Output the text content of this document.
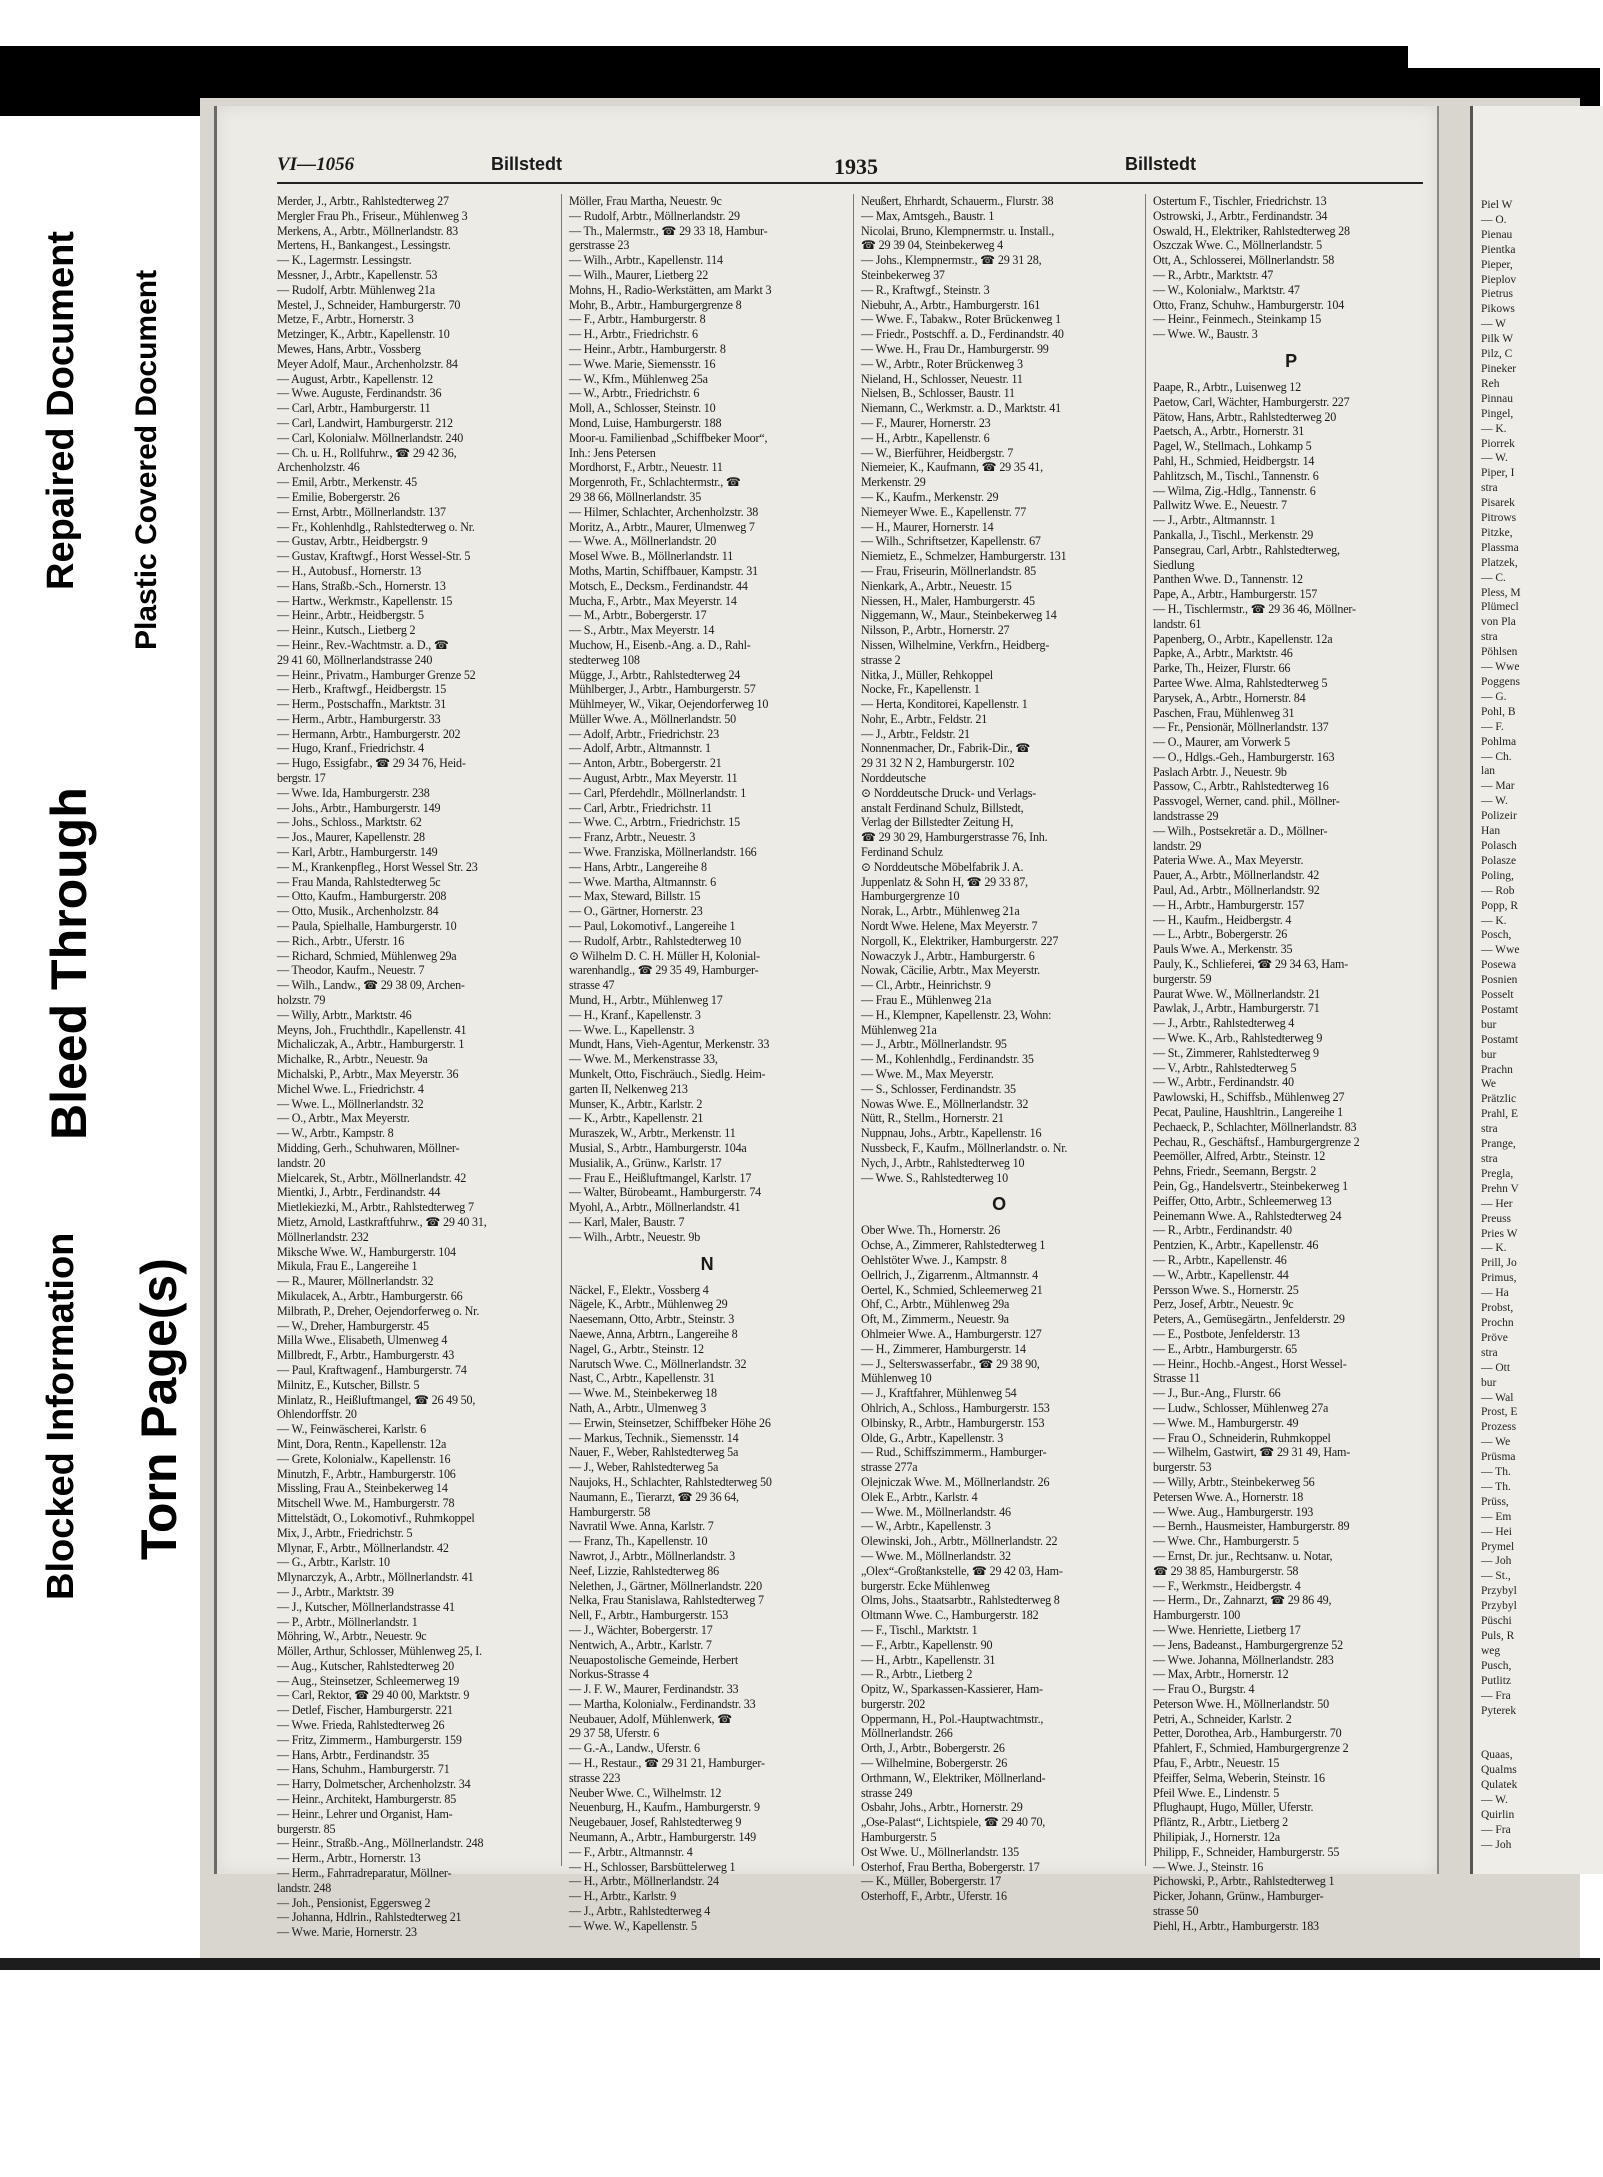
Repaired Document
Bleed Through
Blocked Information
Plastic Covered Document
Torn Page(s)
VI—1056	Billstedt	1935	Billstedt
Merder, J., Arbtr., Rahlstedterweg 27
Mergler Frau Ph., Friseur., Mühlenweg 3
Merkens, A., Arbtr., Möllnerlandstr. 83
Mertens, H., Bankangest., Lessingstr.
— K., Lagermstr. Lessingstr.
Messner, J., Arbtr., Kapellenstr. 53
— Rudolf, Arbtr. Mühlenweg 21a
Mestel, J., Schneider, Hamburgerstr. 70
Metze, F., Arbtr., Hornerstr. 3
Metzinger, K., Arbtr., Kapellenstr. 10
Mewes, Hans, Arbtr., Vossberg
Meyer Adolf, Maur., Archenholzstr. 84
— August, Arbtr., Kapellenstr. 12
— Wwe. Auguste, Ferdinandstr. 36
— Carl, Arbtr., Hamburgerstr. 11
— Carl, Landwirt, Hamburgerstr. 212
— Carl, Kolonialw. Möllnerlandstr. 240
— Ch. u. H., Rollfuhrw., ☎ 29 42 36,
Archenholzstr. 46
— Emil, Arbtr., Merkenstr. 45
— Emilie, Bobergerstr. 26
— Ernst, Arbtr., Möllnerlandstr. 137
— Fr., Kohlenhdlg., Rahlstedterweg o. Nr.
— Gustav, Arbtr., Heidbergstr. 9
— Gustav, Kraftwgf., Horst Wessel-Str. 5
— H., Autobusf., Hornerstr. 13
— Hans, Straßb.-Sch., Hornerstr. 13
— Hartw., Werkmstr., Kapellenstr. 15
— Heinr., Arbtr., Heidbergstr. 5
— Heinr., Kutsch., Lietberg 2
— Heinr., Rev.-Wachtmstr. a. D., ☎
29 41 60, Möllnerlandstrasse 240
— Heinr., Privatm., Hamburger Grenze 52
— Herb., Kraftwgf., Heidbergstr. 15
— Herm., Postschaffn., Marktstr. 31
— Herm., Arbtr., Hamburgerstr. 33
— Hermann, Arbtr., Hamburgerstr. 202
— Hugo, Kranf., Friedrichstr. 4
— Hugo, Essigfabr., ☎ 29 34 76, Heid-
bergstr. 17
— Wwe. Ida, Hamburgerstr. 238
— Johs., Arbtr., Hamburgerstr. 149
— Johs., Schloss., Marktstr. 62
— Jos., Maurer, Kapellenstr. 28
— Karl, Arbtr., Hamburgerstr. 149
— M., Krankenpfleg., Horst Wessel Str. 23
— Frau Manda, Rahlstedterweg 5c
— Otto, Kaufm., Hamburgerstr. 208
— Otto, Musik., Archenholzstr. 84
— Paula, Spielhalle, Hamburgerstr. 10
— Rich., Arbtr., Uferstr. 16
— Richard, Schmied, Mühlenweg 29a
— Theodor, Kaufm., Neuestr. 7
— Wilh., Landw., ☎ 29 38 09, Archen-
holzstr. 79
— Willy, Arbtr., Marktstr. 46
Meyns, Joh., Fruchthdlr., Kapellenstr. 41
Michaliczak, A., Arbtr., Hamburgerstr. 1
Michalke, R., Arbtr., Neuestr. 9a
Michalski, P., Arbtr., Max Meyerstr. 36
Michel Wwe. L., Friedrichstr. 4
— Wwe. L., Möllnerlandstr. 32
— O., Arbtr., Max Meyerstr.
— W., Arbtr., Kampstr. 8
Midding, Gerh., Schuhwaren, Möllner-
landstr. 20
Mielcarek, St., Arbtr., Möllnerlandstr. 42
Mientki, J., Arbtr., Ferdinandstr. 44
Mietlekiezki, M., Arbtr., Rahlstedterweg 7
Mietz, Arnold, Lastkraftfuhrw., ☎ 29 40 31,
Möllnerlandstr. 232
Miksche Wwe. W., Hamburgerstr. 104
Mikula, Frau E., Langereihe 1
— R., Maurer, Möllnerlandstr. 32
Mikulacek, A., Arbtr., Hamburgerstr. 66
Milbrath, P., Dreher, Oejendorferweg o. Nr.
— W., Dreher, Hamburgerstr. 45
Milla Wwe., Elisabeth, Ulmenweg 4
Millbredt, F., Arbtr., Hamburgerstr. 43
— Paul, Kraftwagenf., Hamburgerstr. 74
Milnitz, E., Kutscher, Billstr. 5
Minlatz, R., Heißluftmangel, ☎ 26 49 50,
Ohlendorffstr. 20
— W., Feinwäscherei, Karlstr. 6
Mint, Dora, Rentn., Kapellenstr. 12a
— Grete, Kolonialw., Kapellenstr. 16
Minutzh, F., Arbtr., Hamburgerstr. 106
Missling, Frau A., Steinbekerweg 14
Mitschell Wwe. M., Hamburgerstr. 78
Mittelstädt, O., Lokomotivf., Ruhmkoppel
Mix, J., Arbtr., Friedrichstr. 5
Mlynar, F., Arbtr., Möllnerlandstr. 42
— G., Arbtr., Karlstr. 10
Mlynarczyk, A., Arbtr., Möllnerlandstr. 41
— J., Arbtr., Marktstr. 39
— J., Kutscher, Möllnerlandstrasse 41
— P., Arbtr., Möllnerlandstr. 1
Möhring, W., Arbtr., Neuestr. 9c
Möller, Arthur, Schlosser, Mühlenweg 25, I.
— Aug., Kutscher, Rahlstedterweg 20
— Aug., Steinsetzer, Schleemerweg 19
— Carl, Rektor, ☎ 29 40 00, Marktstr. 9
— Detlef, Fischer, Hamburgerstr. 221
— Wwe. Frieda, Rahlstedterweg 26
— Fritz, Zimmerm., Hamburgerstr. 159
— Hans, Arbtr., Ferdinandstr. 35
— Hans, Schuhm., Hamburgerstr. 71
— Harry, Dolmetscher, Archenholzstr. 34
— Heinr., Architekt, Hamburgerstr. 85
— Heinr., Lehrer und Organist, Ham-
burgerstr. 85
— Heinr., Straßb.-Ang., Möllnerlandstr. 248
— Herm., Arbtr., Hornerstr. 13
— Herm., Fahrradreparatur, Möllner-
landstr. 248
— Joh., Pensionist, Eggersweg 2
— Johanna, Hdlrin., Rahlstedterweg 21
— Wwe. Marie, Hornerstr. 23
Möller, Frau Martha, Neuestr. 9c
— Rudolf, Arbtr., Möllnerlandstr. 29
— Th., Malermstr., ☎ 29 33 18, Hambur-
gerstrasse 23
— Wilh., Arbtr., Kapellenstr. 114
— Wilh., Maurer, Lietberg 22
Mohns, H., Radio-Werkstätten, am Markt 3
Mohr, B., Arbtr., Hamburgergrenze 8
— F., Arbtr., Hamburgerstr. 8
— H., Arbtr., Friedrichstr. 6
— Heinr., Arbtr., Hamburgerstr. 8
— Wwe. Marie, Siemensstr. 16
— W., Kfm., Mühlenweg 25a
— W., Arbtr., Friedrichstr. 6
Moll, A., Schlosser, Steinstr. 10
Mond, Luise, Hamburgerstr. 188
Moor-u. Familienbad „Schiffbeker Moor“,
Inh.: Jens Petersen
Mordhorst, F., Arbtr., Neuestr. 11
Morgenroth, Fr., Schlachtermstr., ☎
29 38 66, Möllnerlandstr. 35
— Hilmer, Schlachter, Archenholzstr. 38
Moritz, A., Arbtr., Maurer, Ulmenweg 7
— Wwe. A., Möllnerlandstr. 20
Mosel Wwe. B., Möllnerlandstr. 11
Moths, Martin, Schiffbauer, Kampstr. 31
Motsch, E., Decksm., Ferdinandstr. 44
Mucha, F., Arbtr., Max Meyerstr. 14
— M., Arbtr., Bobergerstr. 17
— S., Arbtr., Max Meyerstr. 14
Muchow, H., Eisenb.-Ang. a. D., Rahl-
stedterweg 108
Mügge, J., Arbtr., Rahlstedterweg 24
Mühlberger, J., Arbtr., Hamburgerstr. 57
Mühlmeyer, W., Vikar, Oejendorferweg 10
Müller Wwe. A., Möllnerlandstr. 50
— Adolf, Arbtr., Friedrichstr. 23
— Adolf, Arbtr., Altmannstr. 1
— Anton, Arbtr., Bobergerstr. 21
— August, Arbtr., Max Meyerstr. 11
— Carl, Pferdehdlr., Möllnerlandstr. 1
— Carl, Arbtr., Friedrichstr. 11
— Wwe. C., Arbtrn., Friedrichstr. 15
— Franz, Arbtr., Neuestr. 3
— Wwe. Franziska, Möllnerlandstr. 166
— Hans, Arbtr., Langereihe 8
— Wwe. Martha, Altmannstr. 6
— Max, Steward, Billstr. 15
— O., Gärtner, Hornerstr. 23
— Paul, Lokomotivf., Langereihe 1
— Rudolf, Arbtr., Rahlstedterweg 10
⊙ Wilhelm D. C. H. Müller H, Kolonial-
warenhandlg., ☎ 29 35 49, Hamburger-
strasse 47
Mund, H., Arbtr., Mühlenweg 17
— H., Kranf., Kapellenstr. 3
— Wwe. L., Kapellenstr. 3
Mundt, Hans, Vieh-Agentur, Merkenstr. 33
— Wwe. M., Merkenstrasse 33,
Munkelt, Otto, Fischräuch., Siedlg. Heim-
garten II, Nelkenweg 213
Munser, K., Arbtr., Karlstr. 2
— K., Arbtr., Kapellenstr. 21
Muraszek, W., Arbtr., Merkenstr. 11
Musial, S., Arbtr., Hamburgerstr. 104a
Musialik, A., Grünw., Karlstr. 17
— Frau E., Heißluftmangel, Karlstr. 17
— Walter, Bürobeamt., Hamburgerstr. 74
Myohl, A., Arbtr., Möllnerlandstr. 41
— Karl, Maler, Baustr. 7
— Wilh., Arbtr., Neuestr. 9b
N
Näckel, F., Elektr., Vossberg 4
Nägele, K., Arbtr., Mühlenweg 29
Naesemann, Otto, Arbtr., Steinstr. 3
Naewe, Anna, Arbtrn., Langereihe 8
Nagel, G., Arbtr., Steinstr. 12
Narutsch Wwe. C., Möllnerlandstr. 32
Nast, C., Arbtr., Kapellenstr. 31
— Wwe. M., Steinbekerweg 18
Nath, A., Arbtr., Ulmenweg 3
— Erwin, Steinsetzer, Schiffbeker Höhe 26
— Markus, Technik., Siemensstr. 14
Nauer, F., Weber, Rahlstedterweg 5a
— J., Weber, Rahlstedterweg 5a
Naujoks, H., Schlachter, Rahlstedterweg 50
Naumann, E., Tierarzt, ☎ 29 36 64,
Hamburgerstr. 58
Navratil Wwe. Anna, Karlstr. 7
— Franz, Th., Kapellenstr. 10
Nawrot, J., Arbtr., Möllnerlandstr. 3
Neef, Lizzie, Rahlstedterweg 86
Nelethen, J., Gärtner, Möllnerlandstr. 220
Nelka, Frau Stanislawa, Rahlstedterweg 7
Nell, F., Arbtr., Hamburgerstr. 153
— J., Wächter, Bobergerstr. 17
Nentwich, A., Arbtr., Karlstr. 7
Neuapostolische Gemeinde, Herbert
Norkus-Strasse 4
— J. F. W., Maurer, Ferdinandstr. 33
— Martha, Kolonialw., Ferdinandstr. 33
Neubauer, Adolf, Mühlenwerk, ☎
29 37 58, Uferstr. 6
— G.-A., Landw., Uferstr. 6
— H., Restaur., ☎ 29 31 21, Hamburger-
strasse 223
Neuber Wwe. C., Wilhelmstr. 12
Neuenburg, H., Kaufm., Hamburgerstr. 9
Neugebauer, Josef, Rahlstedterweg 9
Neumann, A., Arbtr., Hamburgerstr. 149
— F., Arbtr., Altmannstr. 4
— H., Schlosser, Barsbüttelerweg 1
— H., Arbtr., Möllnerlandstr. 24
— H., Arbtr., Karlstr. 9
— J., Arbtr., Rahlstedterweg 4
— Wwe. W., Kapellenstr. 5
Neußert, Ehrhardt, Schauerm., Flurstr. 38
— Max, Amtsgeh., Baustr. 1
Nicolai, Bruno, Klempnermstr. u. Install.,
☎ 29 39 04, Steinbekerweg 4
— Johs., Klempnermstr., ☎ 29 31 28,
Steinbekerweg 37
— R., Kraftwgf., Steinstr. 3
Niebuhr, A., Arbtr., Hamburgerstr. 161
— Wwe. F., Tabakw., Roter Brückenweg 1
— Friedr., Postschff. a. D., Ferdinandstr. 40
— Wwe. H., Frau Dr., Hamburgerstr. 99
— W., Arbtr., Roter Brückenweg 3
Nieland, H., Schlosser, Neuestr. 11
Nielsen, B., Schlosser, Baustr. 11
Niemann, C., Werkmstr. a. D., Marktstr. 41
— F., Maurer, Hornerstr. 23
— H., Arbtr., Kapellenstr. 6
— W., Bierführer, Heidbergstr. 7
Niemeier, K., Kaufmann, ☎ 29 35 41,
Merkenstr. 29
— K., Kaufm., Merkenstr. 29
Niemeyer Wwe. E., Kapellenstr. 77
— H., Maurer, Hornerstr. 14
— Wilh., Schriftsetzer, Kapellenstr. 67
Niemietz, E., Schmelzer, Hamburgerstr. 131
— Frau, Friseurin, Möllnerlandstr. 85
Nienkark, A., Arbtr., Neuestr. 15
Niessen, H., Maler, Hamburgerstr. 45
Niggemann, W., Maur., Steinbekerweg 14
Nilsson, P., Arbtr., Hornerstr. 27
Nissen, Wilhelmine, Verkfrn., Heidberg-
strasse 2
Nitka, J., Müller, Rehkoppel
Nocke, Fr., Kapellenstr. 1
— Herta, Konditorei, Kapellenstr. 1
Nohr, E., Arbtr., Feldstr. 21
— J., Arbtr., Feldstr. 21
Nonnenmacher, Dr., Fabrik-Dir., ☎
29 31 32 N 2, Hamburgerstr. 102
Norddeutsche
⊙ Norddeutsche Druck- und Verlags-
anstalt Ferdinand Schulz, Billstedt,
Verlag der Billstedter Zeitung H,
☎ 29 30 29, Hamburgerstrasse 76, Inh.
Ferdinand Schulz
⊙ Norddeutsche Möbelfabrik J. A.
Juppenlatz & Sohn H, ☎ 29 33 87,
Hamburgergrenze 10
Norak, L., Arbtr., Mühlenweg 21a
Nordt Wwe. Helene, Max Meyerstr. 7
Norgoll, K., Elektriker, Hamburgerstr. 227
Nowaczyk J., Arbtr., Hamburgerstr. 6
Nowak, Cäcilie, Arbtr., Max Meyerstr.
— Cl., Arbtr., Heinrichstr. 9
— Frau E., Mühlenweg 21a
— H., Klempner, Kapellenstr. 23, Wohn:
Mühlenweg 21a
— J., Arbtr., Möllnerlandstr. 95
— M., Kohlenhdlg., Ferdinandstr. 35
— Wwe. M., Max Meyerstr.
— S., Schlosser, Ferdinandstr. 35
Nowas Wwe. E., Möllnerlandstr. 32
Nütt, R., Stellm., Hornerstr. 21
Nuppnau, Johs., Arbtr., Kapellenstr. 16
Nussbeck, F., Kaufm., Möllnerlandstr. o. Nr.
Nych, J., Arbtr., Rahlstedterweg 10
— Wwe. S., Rahlstedterweg 10
O
Ober Wwe. Th., Hornerstr. 26
Ochse, A., Zimmerer, Rahlstedterweg 1
Oehlstöter Wwe. J., Kampstr. 8
Oellrich, J., Zigarrenm., Altmannstr. 4
Oertel, K., Schmied, Schleemerweg 21
Ohf, C., Arbtr., Mühlenweg 29a
Oft, M., Zimmerm., Neuestr. 9a
Ohlmeier Wwe. A., Hamburgerstr. 127
— H., Zimmerer, Hamburgerstr. 14
— J., Selterswasserfabr., ☎ 29 38 90,
Mühlenweg 10
— J., Kraftfahrer, Mühlenweg 54
Ohlrich, A., Schloss., Hamburgerstr. 153
Olbinsky, R., Arbtr., Hamburgerstr. 153
Olde, G., Arbtr., Kapellenstr. 3
— Rud., Schiffszimmerm., Hamburger-
strasse 277a
Olejniczak Wwe. M., Möllnerlandstr. 26
Olek E., Arbtr., Karlstr. 4
— Wwe. M., Möllnerlandstr. 46
— W., Arbtr., Kapellenstr. 3
Olewinski, Joh., Arbtr., Möllnerlandstr. 22
— Wwe. M., Möllnerlandstr. 32
„Olex“-Großtankstelle, ☎ 29 42 03, Ham-
burgerstr. Ecke Mühlenweg
Olms, Johs., Staatsarbtr., Rahlstedterweg 8
Oltmann Wwe. C., Hamburgerstr. 182
— F., Tischl., Marktstr. 1
— F., Arbtr., Kapellenstr. 90
— H., Arbtr., Kapellenstr. 31
— R., Arbtr., Lietberg 2
Opitz, W., Sparkassen-Kassierer, Ham-
burgerstr. 202
Oppermann, H., Pol.-Hauptwachtmstr.,
Möllnerlandstr. 266
Orth, J., Arbtr., Bobergerstr. 26
— Wilhelmine, Bobergerstr. 26
Orthmann, W., Elektriker, Möllnerland-
strasse 249
Osbahr, Johs., Arbtr., Hornerstr. 29
„Ose-Palast“, Lichtspiele, ☎ 29 40 70,
Hamburgerstr. 5
Ost Wwe. U., Möllnerlandstr. 135
Osterhof, Frau Bertha, Bobergerstr. 17
— K., Müller, Bobergerstr. 17
Osterhoff, F., Arbtr., Uferstr. 16
Ostertum F., Tischler, Friedrichstr. 13
Ostrowski, J., Arbtr., Ferdinandstr. 34
Oswald, H., Elektriker, Rahlstedterweg 28
Oszczak Wwe. C., Möllnerlandstr. 5
Ott, A., Schlosserei, Möllnerlandstr. 58
— R., Arbtr., Marktstr. 47
— W., Kolonialw., Marktstr. 47
Otto, Franz, Schuhw., Hamburgerstr. 104
— Heinr., Feinmech., Steinkamp 15
— Wwe. W., Baustr. 3
P
Paape, R., Arbtr., Luisenweg 12
Paetow, Carl, Wächter, Hamburgerstr. 227
Pätow, Hans, Arbtr., Rahlstedterweg 20
Paetsch, A., Arbtr., Hornerstr. 31
Pagel, W., Stellmach., Lohkamp 5
Pahl, H., Schmied, Heidbergstr. 14
Pahlitzsch, M., Tischl., Tannenstr. 6
— Wilma, Zig.-Hdlg., Tannenstr. 6
Pallwitz Wwe. E., Neuestr. 7
— J., Arbtr., Altmannstr. 1
Pankalla, J., Tischl., Merkenstr. 29
Pansegrau, Carl, Arbtr., Rahlstedterweg,
Siedlung
Panthen Wwe. D., Tannenstr. 12
Pape, A., Arbtr., Hamburgerstr. 157
— H., Tischlermstr., ☎ 29 36 46, Möllner-
landstr. 61
Papenberg, O., Arbtr., Kapellenstr. 12a
Papke, A., Arbtr., Marktstr. 46
Parke, Th., Heizer, Flurstr. 66
Partee Wwe. Alma, Rahlstedterweg 5
Parysek, A., Arbtr., Hornerstr. 84
Paschen, Frau, Mühlenweg 31
— Fr., Pensionär, Möllnerlandstr. 137
— O., Maurer, am Vorwerk 5
— O., Hdlgs.-Geh., Hamburgerstr. 163
Paslach Arbtr. J., Neuestr. 9b
Passow, C., Arbtr., Rahlstedterweg 16
Passvogel, Werner, cand. phil., Möllner-
landstrasse 29
— Wilh., Postsekretär a. D., Möllner-
landstr. 29
Pateria Wwe. A., Max Meyerstr.
Pauer, A., Arbtr., Möllnerlandstr. 42
Paul, Ad., Arbtr., Möllnerlandstr. 92
— H., Arbtr., Hamburgerstr. 157
— H., Kaufm., Heidbergstr. 4
— L., Arbtr., Bobergerstr. 26
Pauls Wwe. A., Merkenstr. 35
Pauly, K., Schlieferei, ☎ 29 34 63, Ham-
burgerstr. 59
Paurat Wwe. W., Möllnerlandstr. 21
Pawlak, J., Arbtr., Hamburgerstr. 71
— J., Arbtr., Rahlstedterweg 4
— Wwe. K., Arb., Rahlstedterweg 9
— St., Zimmerer, Rahlstedterweg 9
— V., Arbtr., Rahlstedterweg 5
— W., Arbtr., Ferdinandstr. 40
Pawlowski, H., Schiffsb., Mühlenweg 27
Pecat, Pauline, Haushltrin., Langereihe 1
Pechaeck, P., Schlachter, Möllnerlandstr. 83
Pechau, R., Geschäftsf., Hamburgergrenze 2
Peemöller, Alfred, Arbtr., Steinstr. 12
Pehns, Friedr., Seemann, Bergstr. 2
Pein, Gg., Handelsvertr., Steinbekerweg 1
Peiffer, Otto, Arbtr., Schleemerweg 13
Peinemann Wwe. A., Rahlstedterweg 24
— R., Arbtr., Ferdinandstr. 40
Pentzien, K., Arbtr., Kapellenstr. 46
— R., Arbtr., Kapellenstr. 46
— W., Arbtr., Kapellenstr. 44
Persson Wwe. S., Hornerstr. 25
Perz, Josef, Arbtr., Neuestr. 9c
Peters, A., Gemüsegärtn., Jenfelderstr. 29
— E., Postbote, Jenfelderstr. 13
— E., Arbtr., Hamburgerstr. 65
— Heinr., Hochb.-Angest., Horst Wessel-
Strasse 11
— J., Bur.-Ang., Flurstr. 66
— Ludw., Schlosser, Mühlenweg 27a
— Wwe. M., Hamburgerstr. 49
— Frau O., Schneiderin, Ruhmkoppel
— Wilhelm, Gastwirt, ☎ 29 31 49, Ham-
burgerstr. 53
— Willy, Arbtr., Steinbekerweg 56
Petersen Wwe. A., Hornerstr. 18
— Wwe. Aug., Hamburgerstr. 193
— Bernh., Hausmeister, Hamburgerstr. 89
— Wwe. Chr., Hamburgerstr. 5
— Ernst, Dr. jur., Rechtsanw. u. Notar,
☎ 29 38 85, Hamburgerstr. 58
— F., Werkmstr., Heidbergstr. 4
— Herm., Dr., Zahnarzt, ☎ 29 86 49,
Hamburgerstr. 100
— Wwe. Henriette, Lietberg 17
— Jens, Badeanst., Hamburgergrenze 52
— Wwe. Johanna, Möllnerlandstr. 283
— Max, Arbtr., Hornerstr. 12
— Frau O., Burgstr. 4
Peterson Wwe. H., Möllnerlandstr. 50
Petri, A., Schneider, Karlstr. 2
Petter, Dorothea, Arb., Hamburgerstr. 70
Pfahlert, F., Schmied, Hamburgergrenze 2
Pfau, F., Arbtr., Neuestr. 15
Pfeiffer, Selma, Weberin, Steinstr. 16
Pfeil Wwe. E., Lindenstr. 5
Pflughaupt, Hugo, Müller, Uferstr.
Pfläntz, R., Arbtr., Lietberg 2
Philipiak, J., Hornerstr. 12a
Philipp, F., Schneider, Hamburgerstr. 55
— Wwe. J., Steinstr. 16
Pichowski, P., Arbtr., Rahlstedterweg 1
Picker, Johann, Grünw., Hamburger-
strasse 50
Piehl, H., Arbtr., Hamburgerstr. 183
Piel W
— O.
Pienau
Pientka
Pieper,
Pieplov
Pietrus
Pikows
— W
Pilk W
Pilz, C
Pineker
Reh
Pinnau
Pingel,
— K.
Piorrek
— W.
Piper, I
stra
Pisarek
Pitrows
Pitzke,
Plassma
Platzek,
— C.
Pless, M
Plümecl
von Pla
stra
Pöhlsen
— Wwe
Poggens
— G.
Pohl, B
— F.
Pohlma
— Ch.
lan
— Mar
— W.
Polizeir
Han
Polasch
Polasze
Poling,
— Rob
Popp, R
— K.
Posch,
— Wwe
Posewa
Posnien
Posselt
Postamt
bur
Postamt
bur
Prachn
We
Prätzlic
Prahl, E
stra
Prange,
stra
Pregla,
Prehn V
— Her
Preuss
Pries W
— K.
Prill, Jo
Primus,
— Ha
Probst,
Prochn
Pröve
stra
— Ott
bur
— Wal
Prost, E
Prozess
— We
Prüsma
— Th.
— Th.
Prüss,
— Em
— Hei
Prymel
— Joh
— St.,
Przybyl
Przybyl
Püschi
Puls, R
weg
Pusch,
Putlitz
— Fra
Pyterek

Quaas,
Qualms
Qulatek
— W.
Quirlin
— Fra
— Joh
